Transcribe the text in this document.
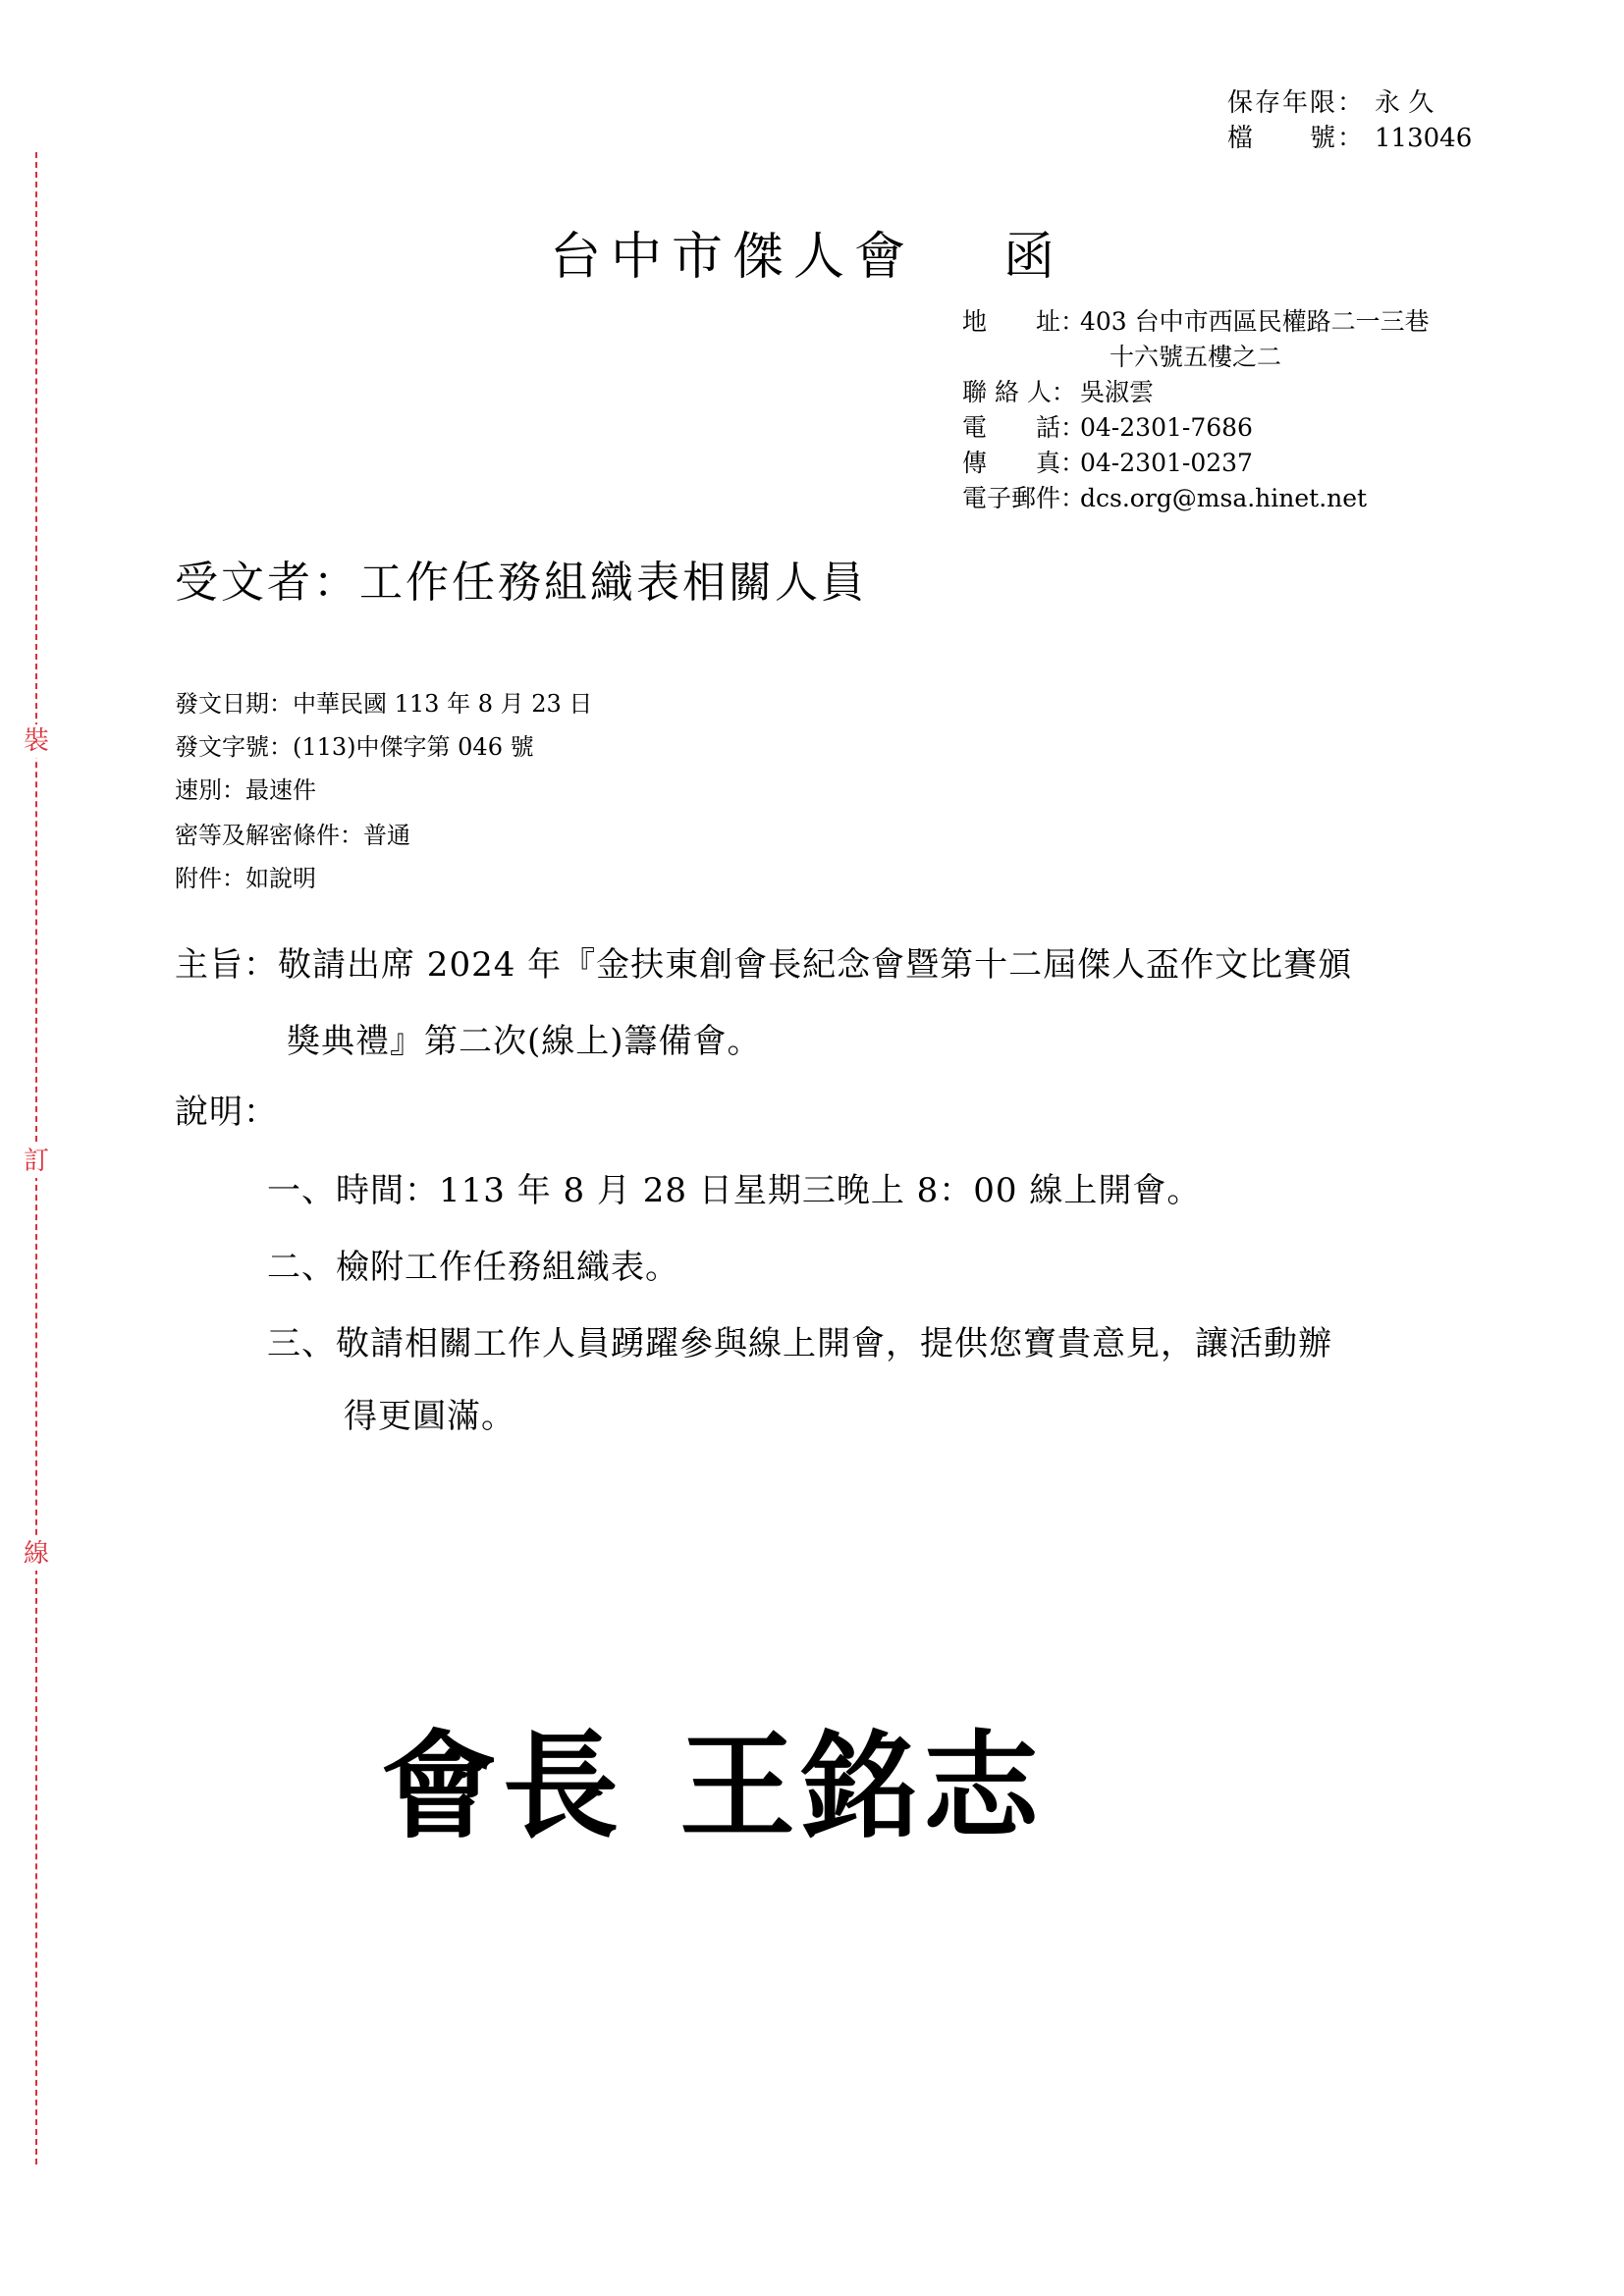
裝
訂
線
保存年限： 永 久
檔　　號： 113046
台中市傑人會 函
地　　址：403 台中市西區民權路二一三巷
十六號五樓之二
聯 絡 人： 吳淑雲
電　　話：04-2301-7686
傳　　真：04-2301-0237
電子郵件：dcs.org@msa.hinet.net
受文者：工作任務組織表相關人員
發文日期：中華民國 113 年 8 月 23 日
發文字號：(113)中傑字第 046 號
速別：最速件
密等及解密條件：普通
附件：如說明
主旨：敬請出席 2024 年『金扶東創會長紀念會暨第十二屆傑人盃作文比賽頒
獎典禮』第二次(線上)籌備會。
說明：
一、時間：113 年 8 月 28 日星期三晚上 8：00 線上開會。
二、檢附工作任務組織表。
三、敬請相關工作人員踴躍參與線上開會，提供您寶貴意見，讓活動辦
得更圓滿。
會長 王銘志
